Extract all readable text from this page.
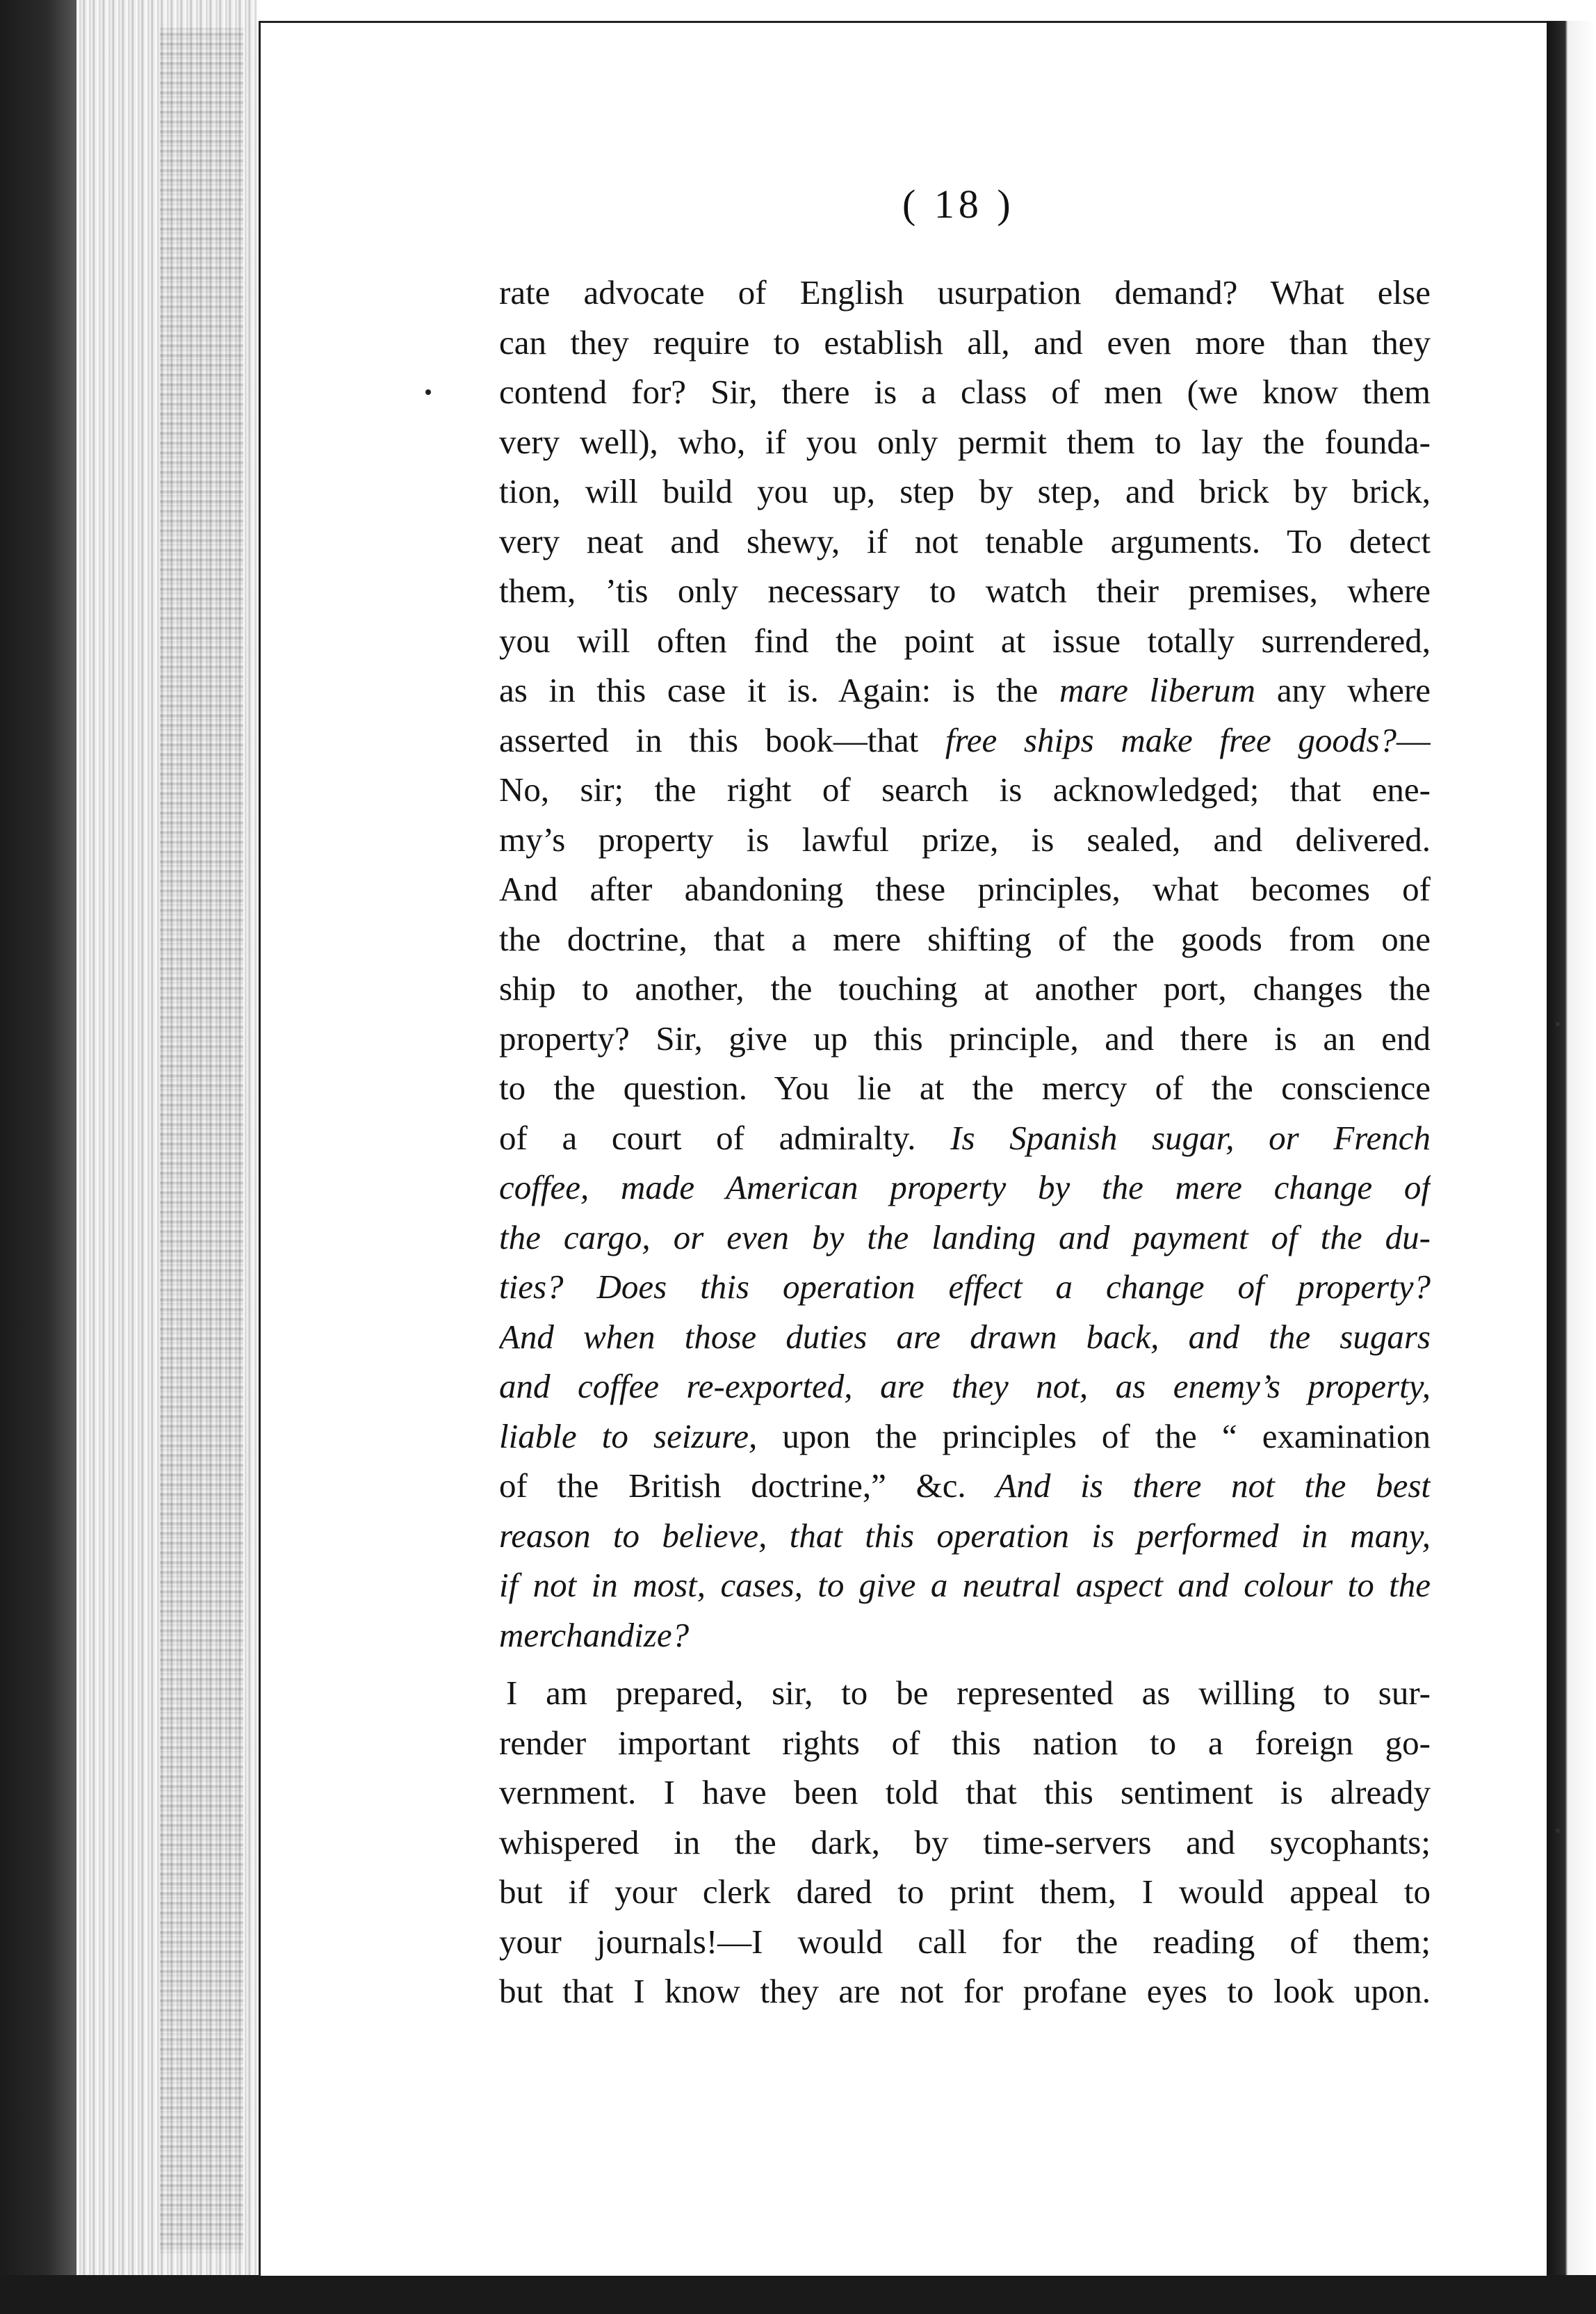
( 18 )
rate advocate of English usurpation demand? What else
can they require to establish all, and even more than they
contend for? Sir, there is a class of men (we know them
very well), who, if you only permit them to lay the founda-
tion, will build you up, step by step, and brick by brick,
very neat and shewy, if not tenable arguments. To detect
them, ’tis only necessary to watch their premises, where
you will often find the point at issue totally surrendered,
as in this case it is. Again: is the mare liberum any where
asserted in this book—that free ships make free goods?—
No, sir; the right of search is acknowledged; that ene-
my’s property is lawful prize, is sealed, and delivered.
And after abandoning these principles, what becomes of
the doctrine, that a mere shifting of the goods from one
ship to another, the touching at another port, changes the
property? Sir, give up this principle, and there is an end
to the question. You lie at the mercy of the conscience
of a court of admiralty. Is Spanish sugar, or French
coffee, made American property by the mere change of
the cargo, or even by the landing and payment of the du-
ties? Does this operation effect a change of property?
And when those duties are drawn back, and the sugars
and coffee re-exported, are they not, as enemy’s property,
liable to seizure, upon the principles of the “ examination
of the British doctrine,” &c. And is there not the best
reason to believe, that this operation is performed in many,
if not in most, cases, to give a neutral aspect and colour to the
merchandize?
I am prepared, sir, to be represented as willing to sur-
render important rights of this nation to a foreign go-
vernment. I have been told that this sentiment is already
whispered in the dark, by time-servers and sycophants;
but if your clerk dared to print them, I would appeal to
your journals!—I would call for the reading of them;
but that I know they are not for profane eyes to look upon.
